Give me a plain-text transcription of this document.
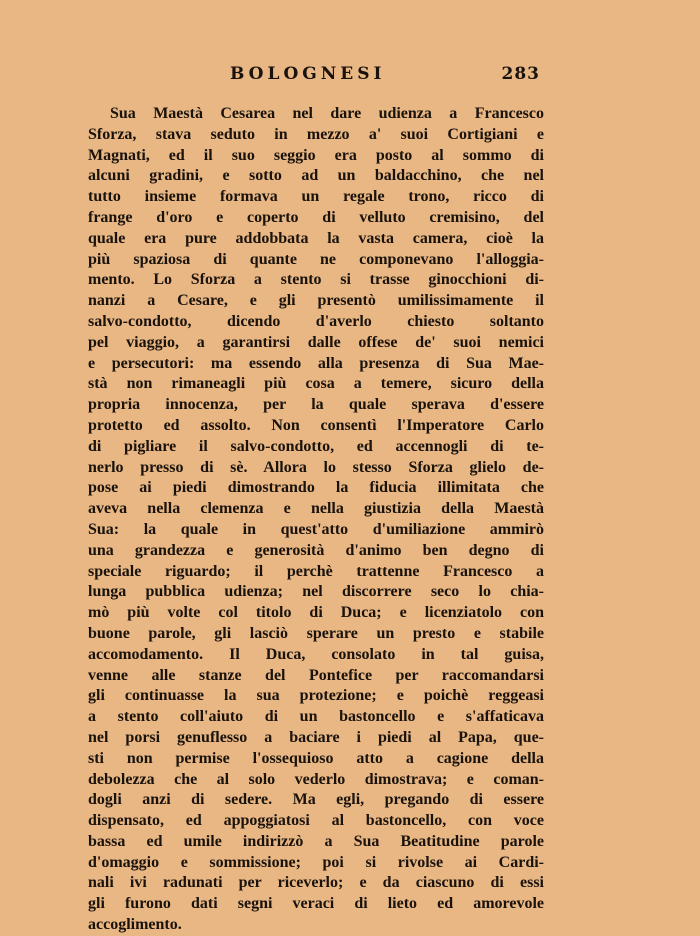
BOLOGNESI	283
Sua Maestà Cesarea nel dare udienza a Francesco
Sforza, stava seduto in mezzo a' suoi Cortigiani e
Magnati, ed il suo seggio era posto al sommo di
alcuni gradini, e sotto ad un baldacchino, che nel
tutto insieme formava un regale trono, ricco di
frange d'oro e coperto di velluto cremisino, del
quale era pure addobbata la vasta camera, cioè la
più spaziosa di quante ne componevano l'alloggia-
mento. Lo Sforza a stento si trasse ginocchioni di-
nanzi a Cesare, e gli presentò umilissimamente il
salvo-condotto, dicendo d'averlo chiesto soltanto
pel viaggio, a garantirsi dalle offese de' suoi nemici
e persecutori: ma essendo alla presenza di Sua Mae-
stà non rimaneagli più cosa a temere, sicuro della
propria innocenza, per la quale sperava d'essere
protetto ed assolto. Non consentì l'Imperatore Carlo
di pigliare il salvo-condotto, ed accennogli di te-
nerlo presso di sè. Allora lo stesso Sforza glielo de-
pose ai piedi dimostrando la fiducia illimitata che
aveva nella clemenza e nella giustizia della Maestà
Sua: la quale in quest'atto d'umiliazione ammirò
una grandezza e generosità d'animo ben degno di
speciale riguardo; il perchè trattenne Francesco a
lunga pubblica udienza; nel discorrere seco lo chia-
mò più volte col titolo di Duca; e licenziatolo con
buone parole, gli lasciò sperare un presto e stabile
accomodamento. Il Duca, consolato in tal guisa,
venne alle stanze del Pontefice per raccomandarsi
gli continuasse la sua protezione; e poichè reggeasi
a stento coll'aiuto di un bastoncello e s'affaticava
nel porsi genuflesso a baciare i piedi al Papa, que-
sti non permise l'ossequioso atto a cagione della
debolezza che al solo vederlo dimostrava; e coman-
dogli anzi di sedere. Ma egli, pregando di essere
dispensato, ed appoggiatosi al bastoncello, con voce
bassa ed umile indirizzò a Sua Beatitudine parole
d'omaggio e sommissione; poi si rivolse ai Cardi-
nali ivi radunati per riceverlo; e da ciascuno di essi
gli furono dati segni veraci di lieto ed amorevole
accoglimento.
